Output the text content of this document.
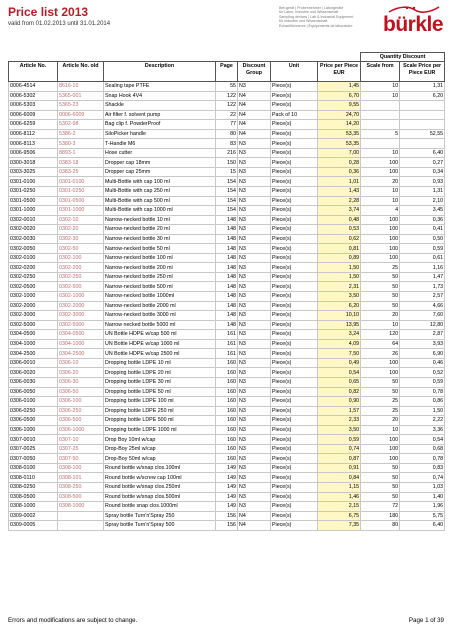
Price list 2013
valid from 01.02.2013 until 31.01.2014
Beli:gerät | Probennehmer | Laborgeräte
für Labor, Industrie und Wissenschaft
Sampling devices | Lab & Industrial Equipment
für Industrie und Wissenschaft
Échantillonneurs | Équipements de laboratoire	bürkle
							Quantity Discount	
Article No.	Article No. old	Description	Page	Discount Group	Unit	Price per Piece EUR	Scale from	Scale Price per Piece EUR
0006-4514	8616-10	Sealing tape PTFE	55	N3	Piece(s)	1,45	10	1,31
0006-5302	5365-001	Snap Hook 4V4	122	N4	Piece(s)	6,70	10	6,20
0006-5303	5365-23	Shackle	122	N4	Piece(s)	9,55		
0006-6009	0006-6009	Air filter f. solvent pump	22	N4	Pack of 10	24,70		
0006-6259	5302-98	Bag clip f. PowderProof	77	N4	Piece(s)	14,20		
0006-8112	5386-2	SiloPicker handle	80	N4	Piece(s)	53,35	5	52,55
0006-8113	5380-3	T-Handle M6	83	N3	Piece(s)	53,35		
0006-9506	8893-1	Hose cutter	216	N3	Piece(s)	7,00	10	6,40
0300-3018	0383-18	Dropper cap 18mm	150	N3	Piece(s)	0,28	100	0,27
0303-3025	0383-25	Dropper cap 25mm	15	N3	Piece(s)	0,36	100	0,34
0301-0100	0301-0100	Multi-Bottle with cap 100 ml	154	N3	Piece(s)	1,01	20	0,93
0301-0250	0301-0250	Multi-Bottle with cap 250 ml	154	N3	Piece(s)	1,43	10	1,31
0301-0500	0301-0500	Multi-Bottle with cap 500 ml	154	N3	Piece(s)	2,28	10	2,10
0301-1000	0301-1000	Multi-Bottle with cap 1000 ml	154	N3	Piece(s)	3,74	4	3,45
0302-0010	0302-10	Narrow-necked bottle 10 ml	148	N3	Piece(s)	0,48	100	0,36
0302-0020	0302-20	Narrow-necked bottle 20 ml	148	N3	Piece(s)	0,53	100	0,41
0302-0030	0302-30	Narrow-necked bottle 30 ml	148	N3	Piece(s)	0,62	100	0,50
0302-0050	0302-50	Narrow-necked bottle 50 ml	148	N3	Piece(s)	0,81	100	0,59
0302-0100	0302-100	Narrow-necked bottle 100 ml	148	N3	Piece(s)	0,89	100	0,61
0302-0200	0302-200	Narrow-necked bottle 200 ml	148	N3	Piece(s)	1,50	25	1,16
0302-0250	0302-250	Narrow-necked bottle 250 ml	148	N3	Piece(s)	1,50	50	1,47
0302-0500	0302-500	Narrow-necked bottle 500 ml	148	N3	Piece(s)	2,31	50	1,73
0302-1000	0302-1000	Narrow-necked bottle 1000ml	148	N3	Piece(s)	3,50	50	2,57
0302-2000	0302-2000	Narrow-necked bottle 2000 ml	148	N3	Piece(s)	6,20	50	4,66
0302-3000	0302-3000	Narrow-necked bottle 3000 ml	148	N3	Piece(s)	10,10	20	7,60
0302-5000	0302-5000	Narrow necked bottle 5000 ml	148	N3	Piece(s)	13,95	10	12,80
0304-0500	0304-0500	UN Bottle HDPE w/cap 500 ml	161	N3	Piece(s)	3,24	120	2,87
0304-1000	0304-1000	UN Bottle HDPE w/cap 1000 ml	161	N3	Piece(s)	4,09	64	3,93
0304-2500	0304-2500	UN Bottle HDPE w/cap 2500 ml	161	N3	Piece(s)	7,50	26	6,90
0306-0010	0306-10	Dropping bottle LDPE 10 ml	160	N3	Piece(s)	0,49	100	0,46
0306-0020	0306-20	Dropping bottle LDPE 20 ml	160	N3	Piece(s)	0,54	100	0,52
0306-0030	0306-30	Dropping bottle LDPE 30 ml	160	N3	Piece(s)	0,65	50	0,59
0306-0050	0306-50	Dropping bottle LDPE 50 ml	160	N3	Piece(s)	0,82	50	0,78
0306-0100	0306-100	Dropping bottle LDPE 100 ml	160	N3	Piece(s)	0,90	25	0,86
0306-0250	0306-250	Dropping bottle LDPE 250 ml	160	N3	Piece(s)	1,57	25	1,50
0306-0500	0306-500	Dropping bottle LDPE 500 ml	160	N3	Piece(s)	2,33	20	2,22
0306-1000	0306-1000	Dropping bottle LDPE 1000 ml	160	N3	Piece(s)	3,50	10	3,36
0307-0010	0307-10	Drop Boy 10ml w/cap	160	N3	Piece(s)	0,59	100	0,54
0307-0025	0307-25	Drop-Boy 25ml w/cap	160	N3	Piece(s)	0,74	100	0,68
0307-0050	0307-50	Drop-Boy 50ml w/cap	160	N3	Piece(s)	0,87	100	0,78
0308-0100	0308-100	Round bottle w/snap clos.100ml	149	N3	Piece(s)	0,91	50	0,83
0308-0110	0308-101	Round bottle w/screw cap 100ml	149	N3	Piece(s)	0,84	50	0,74
0308-0250	0308-250	Round bottle w/snap clos.250ml	149	N3	Piece(s)	1,15	50	1,03
0308-0500	0308-500	Round bottle w/snap clos.500ml	149	N3	Piece(s)	1,46	50	1,40
0308-1000	0308-1000	Round bottle snap clos.1000ml	149	N3	Piece(s)	2,15	72	1,96
0309-0002		Spray bottle Turn'n'Spray 250	156	N4	Piece(s)	6,75	180	5,75
0309-0005		Spray bottle Turn'n'Spray 500	156	N4	Piece(s)	7,35	80	6,40
Errors and modifications are subject to change.	Page 1 of 39
